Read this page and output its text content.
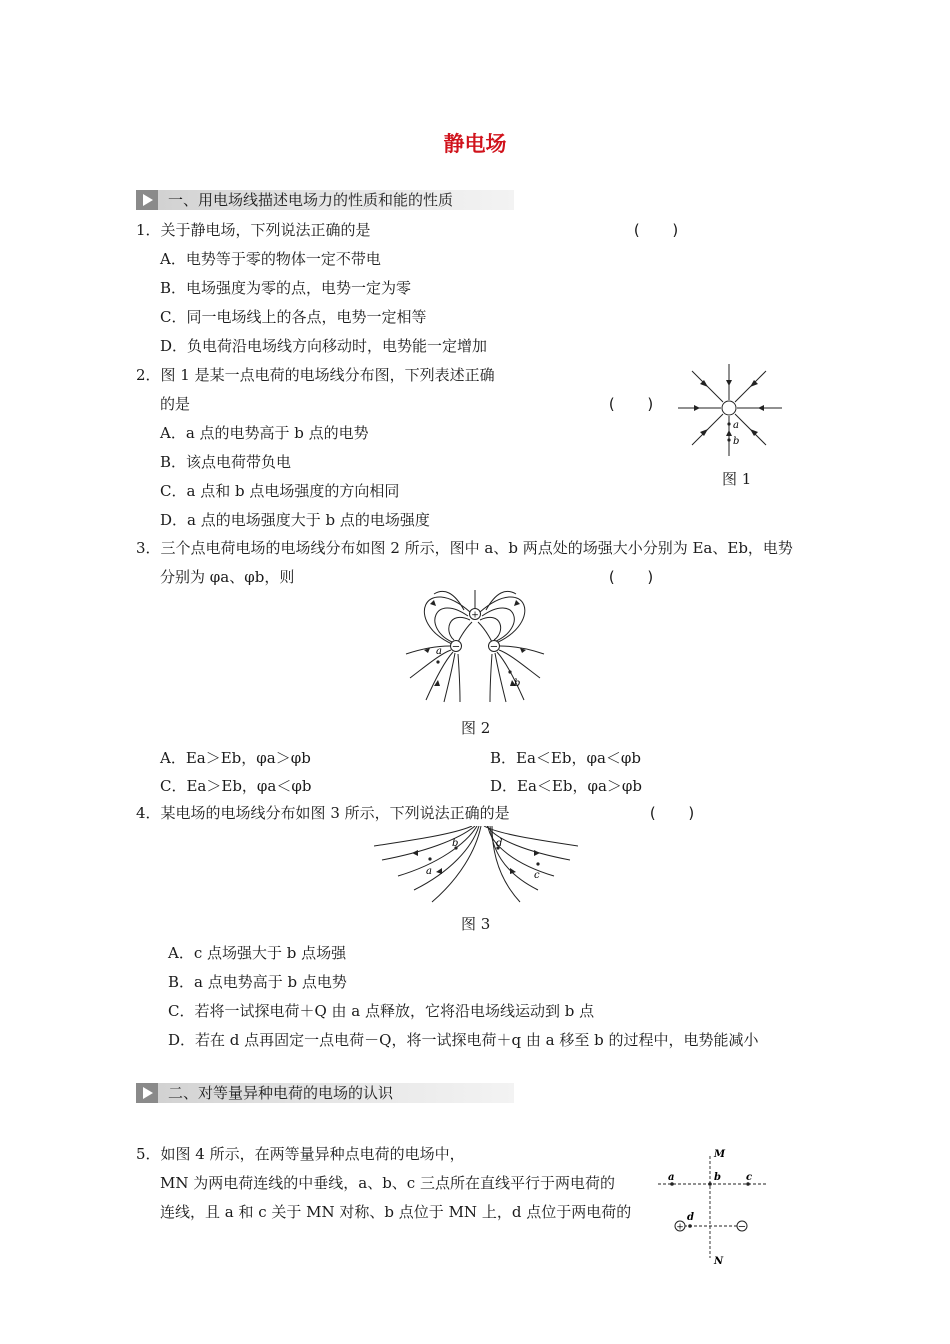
静电场
一、用电场线描述电场力的性质和能的性质
1．关于静电场，下列说法正确的是	(　　)
A．电势等于零的物体一定不带电
B．电场强度为零的点，电势一定为零
C．同一电场线上的各点，电势一定相等
D．负电荷沿电场线方向移动时，电势能一定增加
2．图 1 是某一点电荷的电场线分布图，下列表述正确
的是	(　　)
A．a 点的电势高于 b 点的电势
B．该点电荷带负电
C．a 点和 b 点电场强度的方向相同
D．a 点的电场强度大于 b 点的电场强度
a
b
图 1
3．三个点电荷电场的电场线分布如图 2 所示，图中 a、b 两点处的场强大小分别为 Ea、Eb，电势
分别为 φa、φb，则	(　　)
+
−	−
a
b
图 2
A．Ea＞Eb，φa＞φb	B．Ea＜Eb，φa＜φb
C．Ea＞Eb，φa＜φb	D．Ea＜Eb，φa＞φb
4．某电场的电场线分布如图 3 所示，下列说法正确的是	(　　)
b
a
d
c
图 3
A．c 点场强大于 b 点场强
B．a 点电势高于 b 点电势
C．若将一试探电荷＋Q 由 a 点释放，它将沿电场线运动到 b 点
D．若在 d 点再固定一点电荷－Q，将一试探电荷＋q 由 a 移至 b 的过程中，电势能减小
二、对等量异种电荷的电场的认识
5．如图 4 所示，在两等量异种点电荷的电场中，
MN 为两电荷连线的中垂线，a、b、c 三点所在直线平行于两电荷的
连线，且 a 和 c 关于 MN 对称、b 点位于 MN 上，d 点位于两电荷的
M
N
a	b	c
d
+	−
